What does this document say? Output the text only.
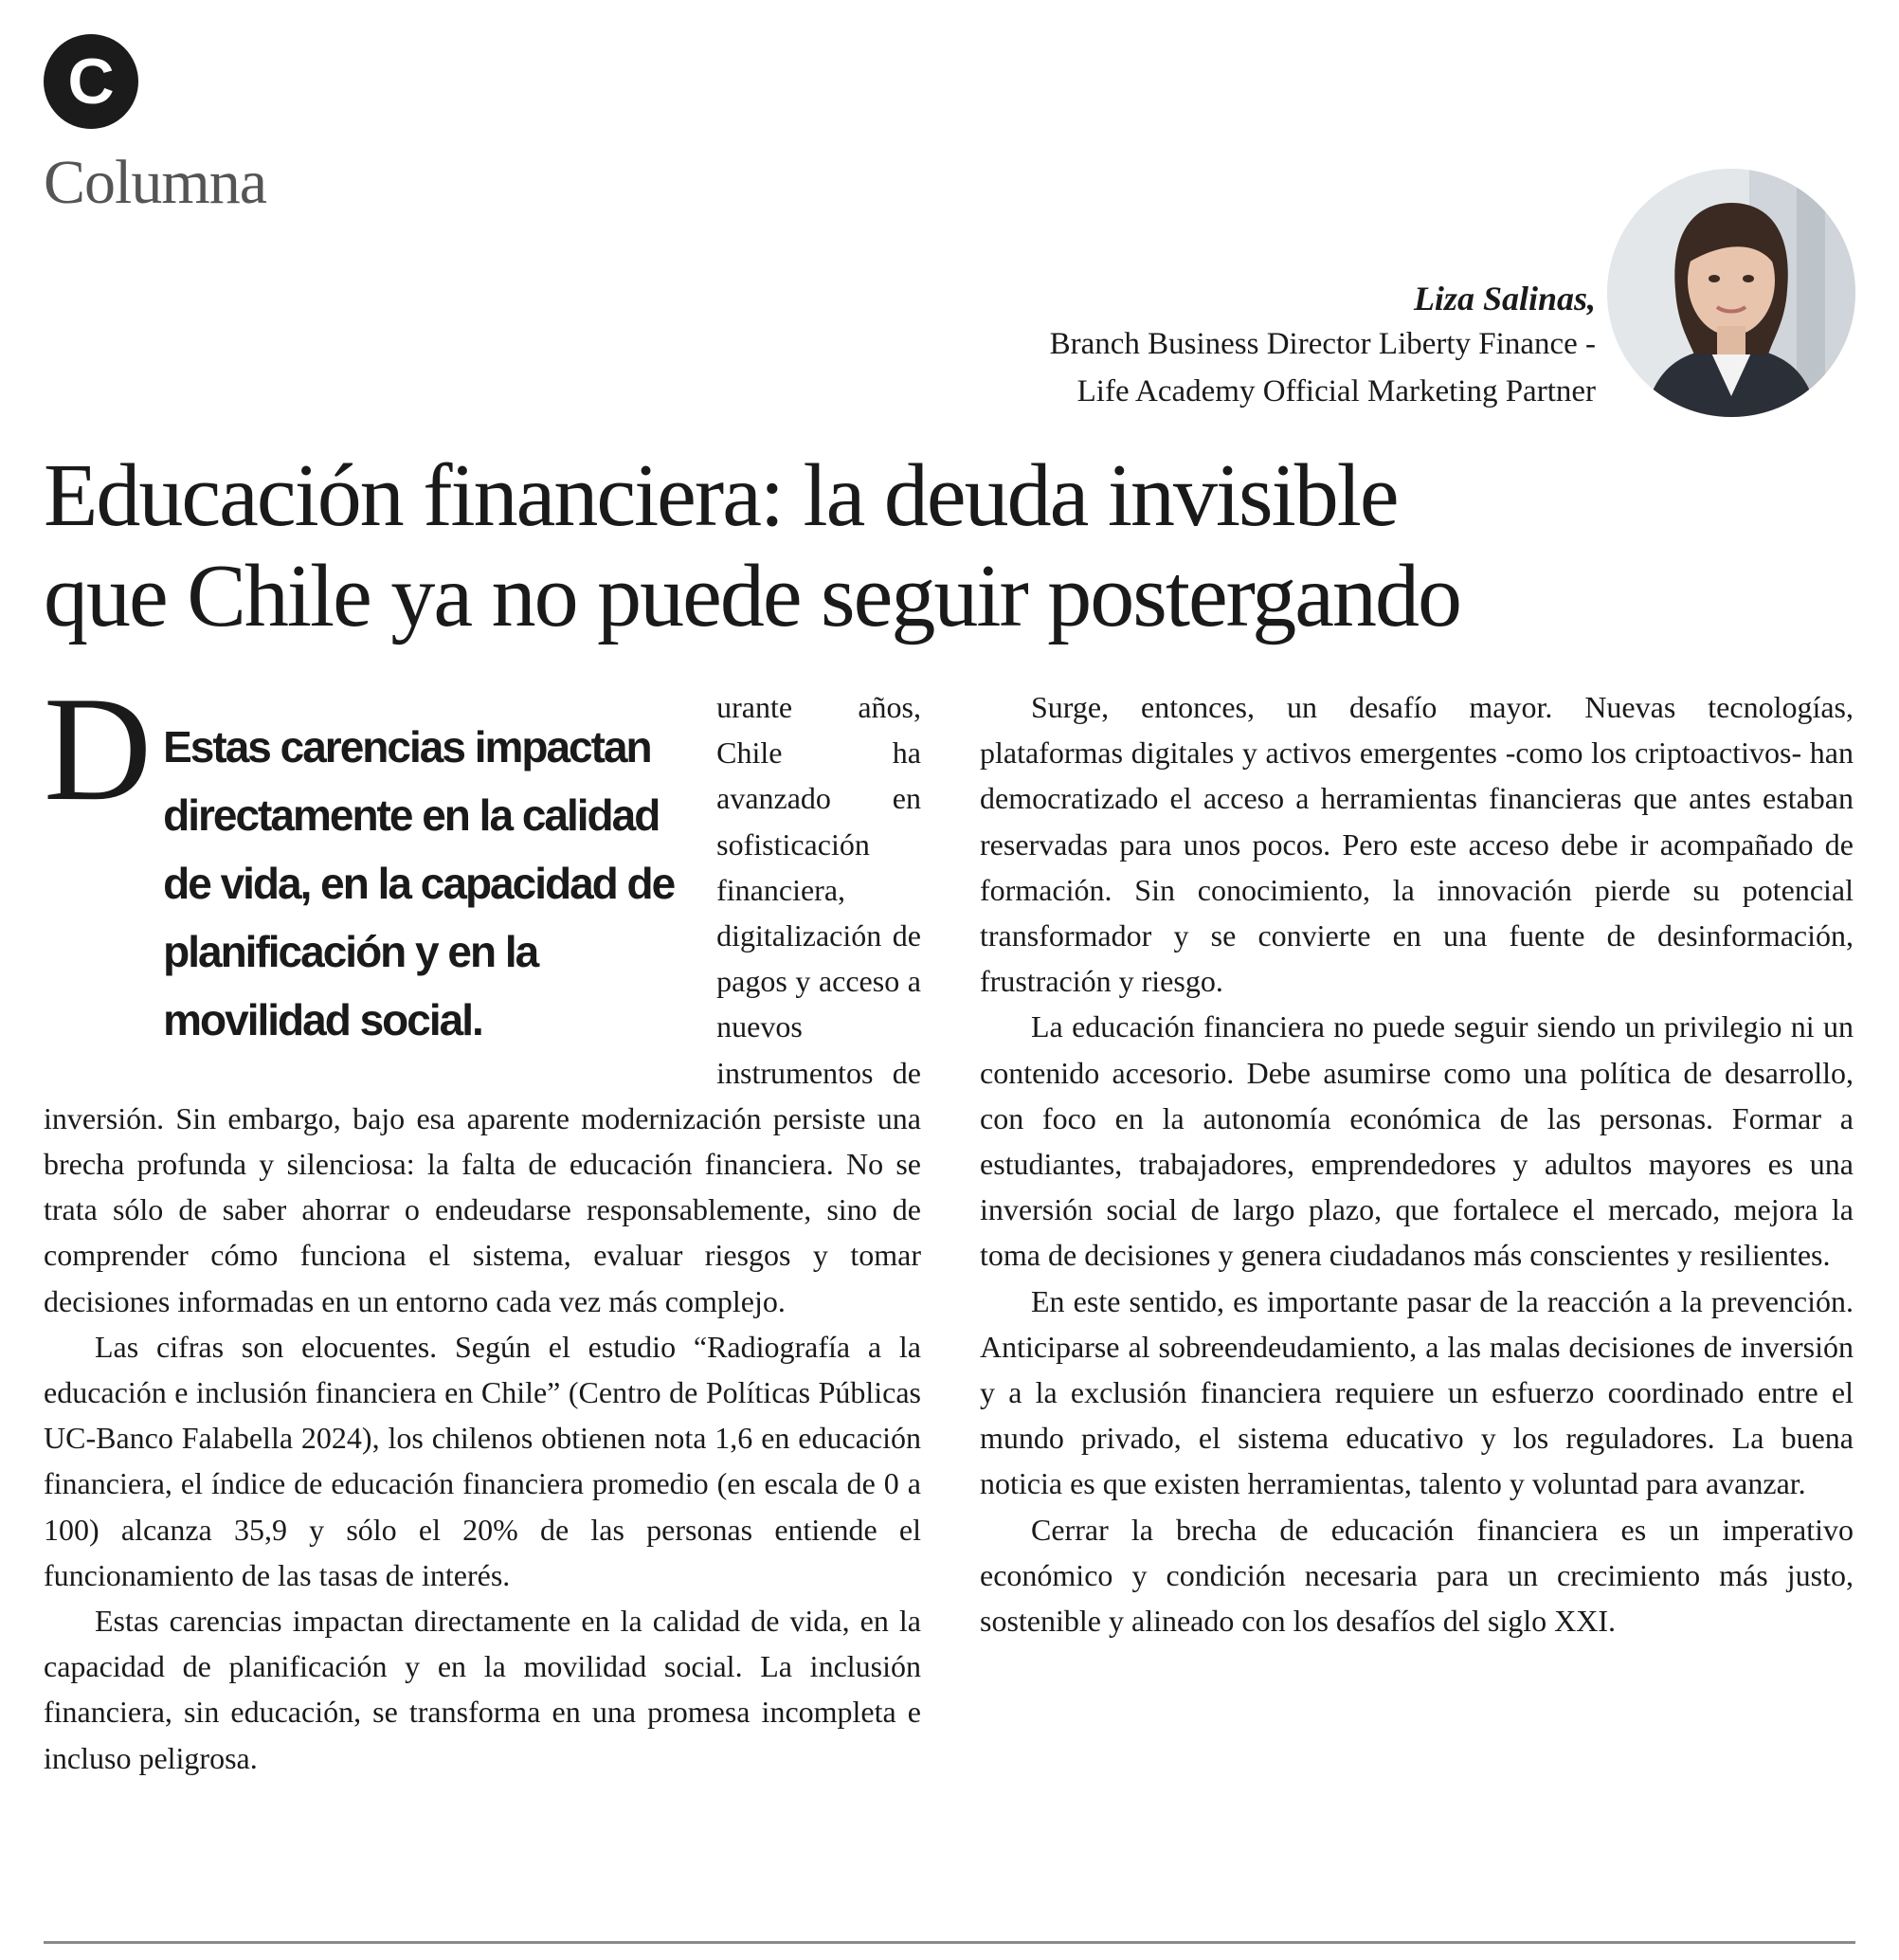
C
Columna
Liza Salinas,
Branch Business Director Liberty Finance -
Life Academy Official Marketing Partner
Educación financiera: la deuda invisible
que Chile ya no puede seguir postergando

D Estas carencias impactan directamente en la calidad de vida, en la capacidad de planificación y en la movilidad social.
urante años, Chile ha avanzado en sofisticación financiera, digitalización de pagos y acceso a nuevos instrumentos de inversión. Sin embargo, bajo esa aparente modernización persiste una brecha profunda y silenciosa: la falta de educación financiera. No se trata sólo de saber ahorrar o endeudarse responsablemente, sino de comprender cómo funciona el sistema, evaluar riesgos y tomar decisiones informadas en un entorno cada vez más complejo.

Las cifras son elocuentes. Según el estudio “Radiografía a la educación e inclusión financiera en Chile” (Centro de Políticas Públicas UC-Banco Falabella 2024), los chilenos obtienen nota 1,6 en educación financiera, el índice de educación financiera promedio (en escala de 0 a 100) alcanza 35,9 y sólo el 20% de las personas entiende el funcionamiento de las tasas de interés.

Estas carencias impactan directamente en la calidad de vida, en la capacidad de planificación y en la movilidad social. La inclusión financiera, sin educación, se transforma en una promesa incompleta e incluso peligrosa.

Surge, entonces, un desafío mayor. Nuevas tecnologías, plataformas digitales y activos emergentes -como los criptoactivos- han democratizado el acceso a herramientas financieras que antes estaban reservadas para unos pocos. Pero este acceso debe ir acompañado de formación. Sin conocimiento, la innovación pierde su potencial transformador y se convierte en una fuente de desinformación, frustración y riesgo.

La educación financiera no puede seguir siendo un privilegio ni un contenido accesorio. Debe asumirse como una política de desarrollo, con foco en la autonomía económica de las personas. Formar a estudiantes, trabajadores, emprendedores y adultos mayores es una inversión social de largo plazo, que fortalece el mercado, mejora la toma de decisiones y genera ciudadanos más conscientes y resilientes.

En este sentido, es importante pasar de la reacción a la prevención. Anticiparse al sobreendeudamiento, a las malas decisiones de inversión y a la exclusión financiera requiere un esfuerzo coordinado entre el mundo privado, el sistema educativo y los reguladores. La buena noticia es que existen herramientas, talento y voluntad para avanzar.

Cerrar la brecha de educación financiera es un imperativo económico y condición necesaria para un crecimiento más justo, sostenible y alineado con los desafíos del siglo XXI.
